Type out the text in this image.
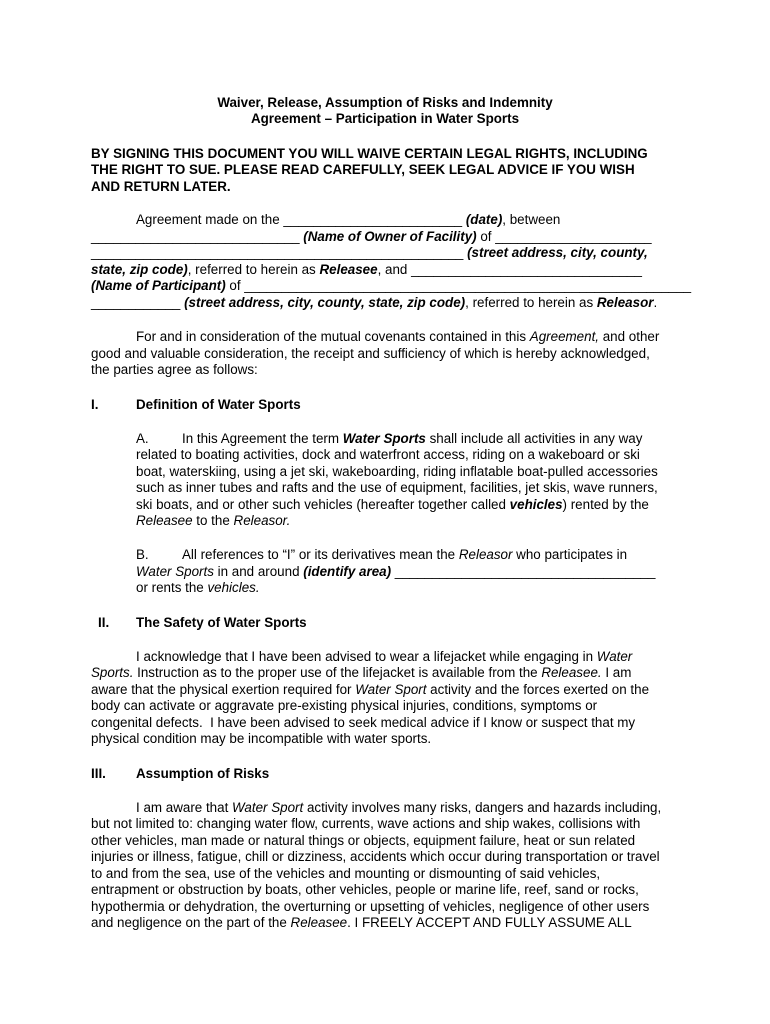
Waiver, Release, Assumption of Risks and Indemnity
Agreement – Participation in Water Sports
BY SIGNING THIS DOCUMENT YOU WILL WAIVE CERTAIN LEGAL RIGHTS, INCLUDING
THE RIGHT TO SUE. PLEASE READ CAREFULLY, SEEK LEGAL ADVICE IF YOU WISH
AND RETURN LATER.
Agreement made on the ________________________ (date), between
____________________________ (Name of Owner of Facility) of _____________________
__________________________________________________ (street address, city, county,
state, zip code), referred to herein as Releasee, and _______________________________
(Name of Participant) of ____________________________________________________________
____________ (street address, city, county, state, zip code), referred to herein as Releasor.
For and in consideration of the mutual covenants contained in this Agreement, and other
good and valuable consideration, the receipt and sufficiency of which is hereby acknowledged,
the parties agree as follows:
I.	Definition of Water Sports
A. In this Agreement the term Water Sports shall include all activities in any way
related to boating activities, dock and waterfront access, riding on a wakeboard or ski
boat, waterskiing, using a jet ski, wakeboarding, riding inflatable boat-pulled accessories
such as inner tubes and rafts and the use of equipment, facilities, jet skis, wave runners,
ski boats, and or other such vehicles (hereafter together called vehicles) rented by the
Releasee to the Releasor.
B. All references to “I” or its derivatives mean the Releasor who participates in
Water Sports in and around (identify area) ___________________________________
or rents the vehicles.
II. The Safety of Water Sports
I acknowledge that I have been advised to wear a lifejacket while engaging in Water
Sports. Instruction as to the proper use of the lifejacket is available from the Releasee. I am
aware that the physical exertion required for Water Sport activity and the forces exerted on the
body can activate or aggravate pre-existing physical injuries, conditions, symptoms or
congenital defects.  I have been advised to seek medical advice if I know or suspect that my
physical condition may be incompatible with water sports.
III. Assumption of Risks
I am aware that Water Sport activity involves many risks, dangers and hazards including,
but not limited to: changing water flow, currents, wave actions and ship wakes, collisions with
other vehicles, man made or natural things or objects, equipment failure, heat or sun related
injuries or illness, fatigue, chill or dizziness, accidents which occur during transportation or travel
to and from the sea, use of the vehicles and mounting or dismounting of said vehicles,
entrapment or obstruction by boats, other vehicles, people or marine life, reef, sand or rocks,
hypothermia or dehydration, the overturning or upsetting of vehicles, negligence of other users
and negligence on the part of the Releasee. I FREELY ACCEPT AND FULLY ASSUME ALL
